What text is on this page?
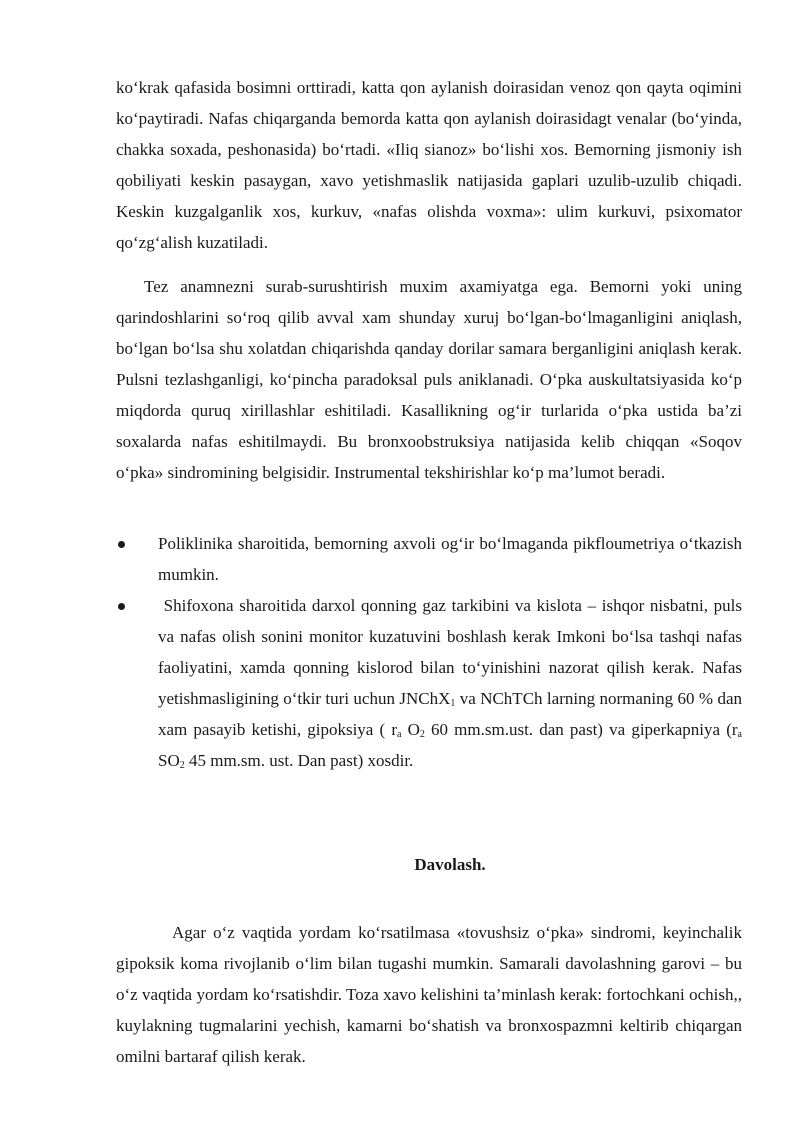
ko‘krak qafasida bosimni orttiradi, katta qon aylanish doirasidan venoz qon qayta oqimini ko‘paytiradi. Nafas chiqarganda bemorda katta qon aylanish doirasidagt venalar (bo‘yinda, chakka soxada, peshonasida) bo‘rtadi. «Iliq sianoz» bo‘lishi xos. Bemorning jismoniy ish qobiliyati keskin pasaygan, xavo yetishmaslik natijasida gaplari uzulib-uzulib chiqadi. Keskin kuzgalganlik xos, kurkuv, «nafas olishda voxma»: ulim kurkuvi, psixomator qo‘zg‘alish kuzatiladi.

Tez anamnezni surab-surushtirish muxim axamiyatga ega. Bemorni yoki uning qarindoshlarini so‘roq qilib avval xam shunday xuruj bo‘lgan-bo‘lmaganligini aniqlash, bo‘lgan bo‘lsa shu xolatdan chiqarishda qanday dorilar samara berganligini aniqlash kerak. Pulsni tezlashganligi, ko‘pincha paradoksal puls aniklanadi. O‘pka auskultatsiyasida ko‘p miqdorda quruq xirillashlar eshitiladi. Kasallikning og‘ir turlarida o‘pka ustida ba’zi soxalarda nafas eshitilmaydi. Bu bronxoobstruksiya natijasida kelib chiqqan «Soqov o‘pka» sindromining belgisidir. Instrumental tekshirishlar ko‘p ma’lumot beradi.

Poliklinika sharoitida, bemorning axvoli og‘ir bo‘lmaganda pikfloumetriya o‘tkazish mumkin.
Shifoxona sharoitida darxol qonning gaz tarkibini va kislota – ishqor nisbatni, puls va nafas olish sonini monitor kuzatuvini boshlash kerak Imkoni bo‘lsa tashqi nafas faoliyatini, xamda qonning kislorod bilan to‘yinishini nazorat qilish kerak. Nafas yetishmasligining o‘tkir turi uchun JNChX$_1$ va NChTCh larning normaning 60 % dan xam pasayib ketishi, gipoksiya ( $r_a$ $O_2$ 60 mm.sm.ust. dan past) va giperkapniya ($r_a$ $SO_2$ 45 mm.sm. ust. Dan past) xosdir.

Davolash.

Agar o‘z vaqtida yordam ko‘rsatilmasa «tovushsiz o‘pka» sindromi, keyinchalik gipoksik koma rivojlanib o‘lim bilan tugashi mumkin. Samarali davolashning garovi – bu o‘z vaqtida yordam ko‘rsatishdir. Toza xavo kelishini ta’minlash kerak: fortochkani ochish,, kuylakning tugmalarini yechish, kamarni bo‘shatish va bronxospazmni keltirib chiqargan omilni bartaraf qilish kerak.
